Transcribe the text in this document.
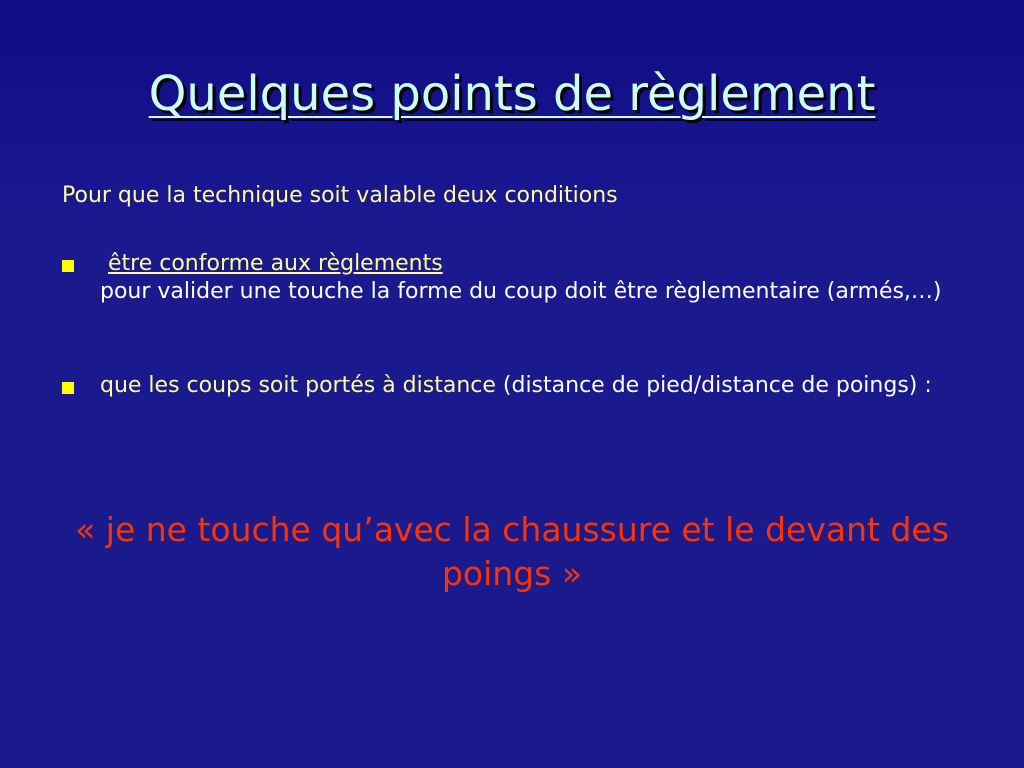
Quelques points de règlement
Pour que la technique soit valable deux conditions
être conforme aux règlements
pour valider une touche la forme du coup doit être règlementaire (armés,…)
que les coups soit portés à distance (distance de pied/distance de poings) :
« je ne touche qu’avec la chaussure et le devant des poings »
